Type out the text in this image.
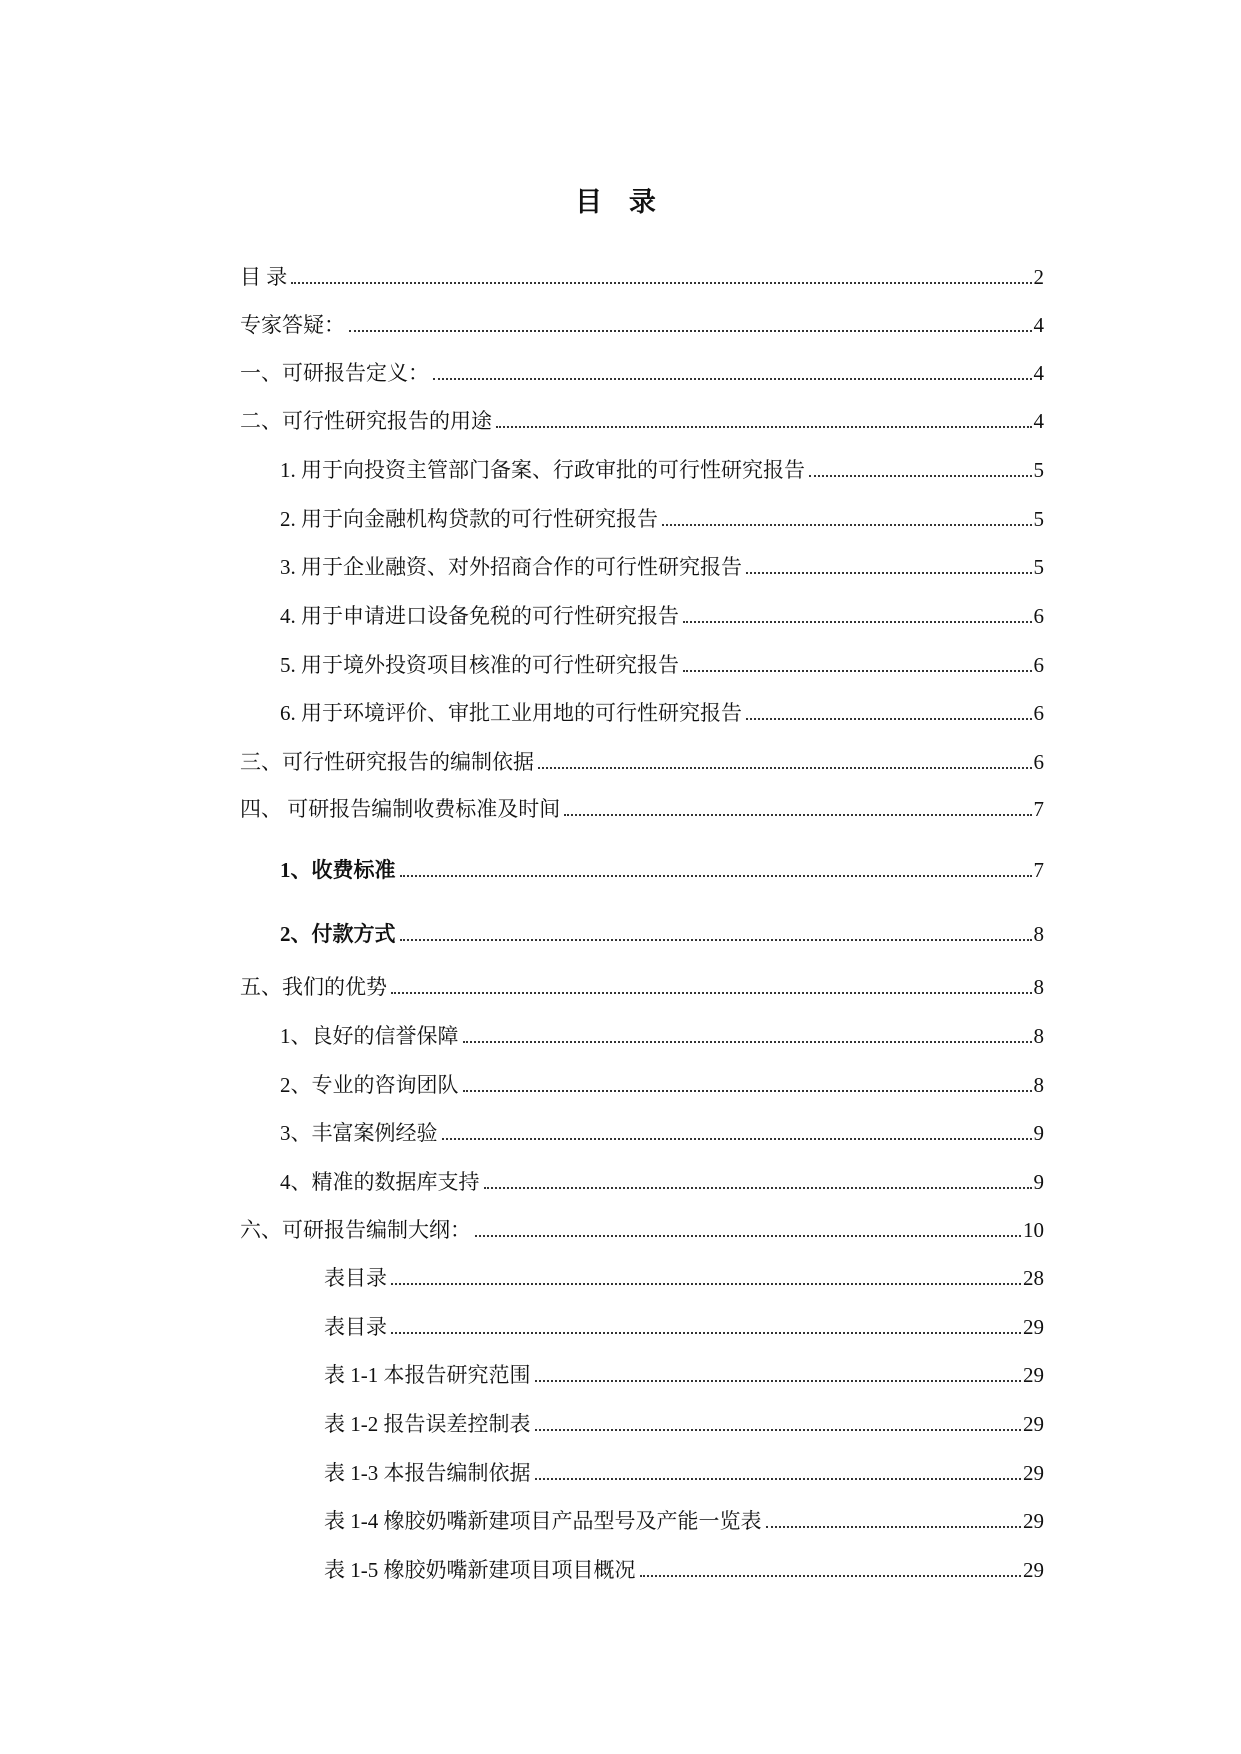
目 录
目 录	2
专家答疑：	4
一、可研报告定义：	4
二、可行性研究报告的用途	4
1. 用于向投资主管部门备案、行政审批的可行性研究报告	5
2. 用于向金融机构贷款的可行性研究报告	5
3. 用于企业融资、对外招商合作的可行性研究报告	5
4. 用于申请进口设备免税的可行性研究报告	6
5. 用于境外投资项目核准的可行性研究报告	6
6. 用于环境评价、审批工业用地的可行性研究报告	6
三、可行性研究报告的编制依据	6
四、 可研报告编制收费标准及时间	7
1、收费标准	7
2、付款方式	8
五、我们的优势	8
1、良好的信誉保障	8
2、专业的咨询团队	8
3、丰富案例经验	9
4、精准的数据库支持	9
六、可研报告编制大纲：	10
表目录	28
表目录	29
表 1-1 本报告研究范围	29
表 1-2 报告误差控制表	29
表 1-3 本报告编制依据	29
表 1-4 橡胶奶嘴新建项目产品型号及产能一览表	29
表 1-5 橡胶奶嘴新建项目项目概况	29
